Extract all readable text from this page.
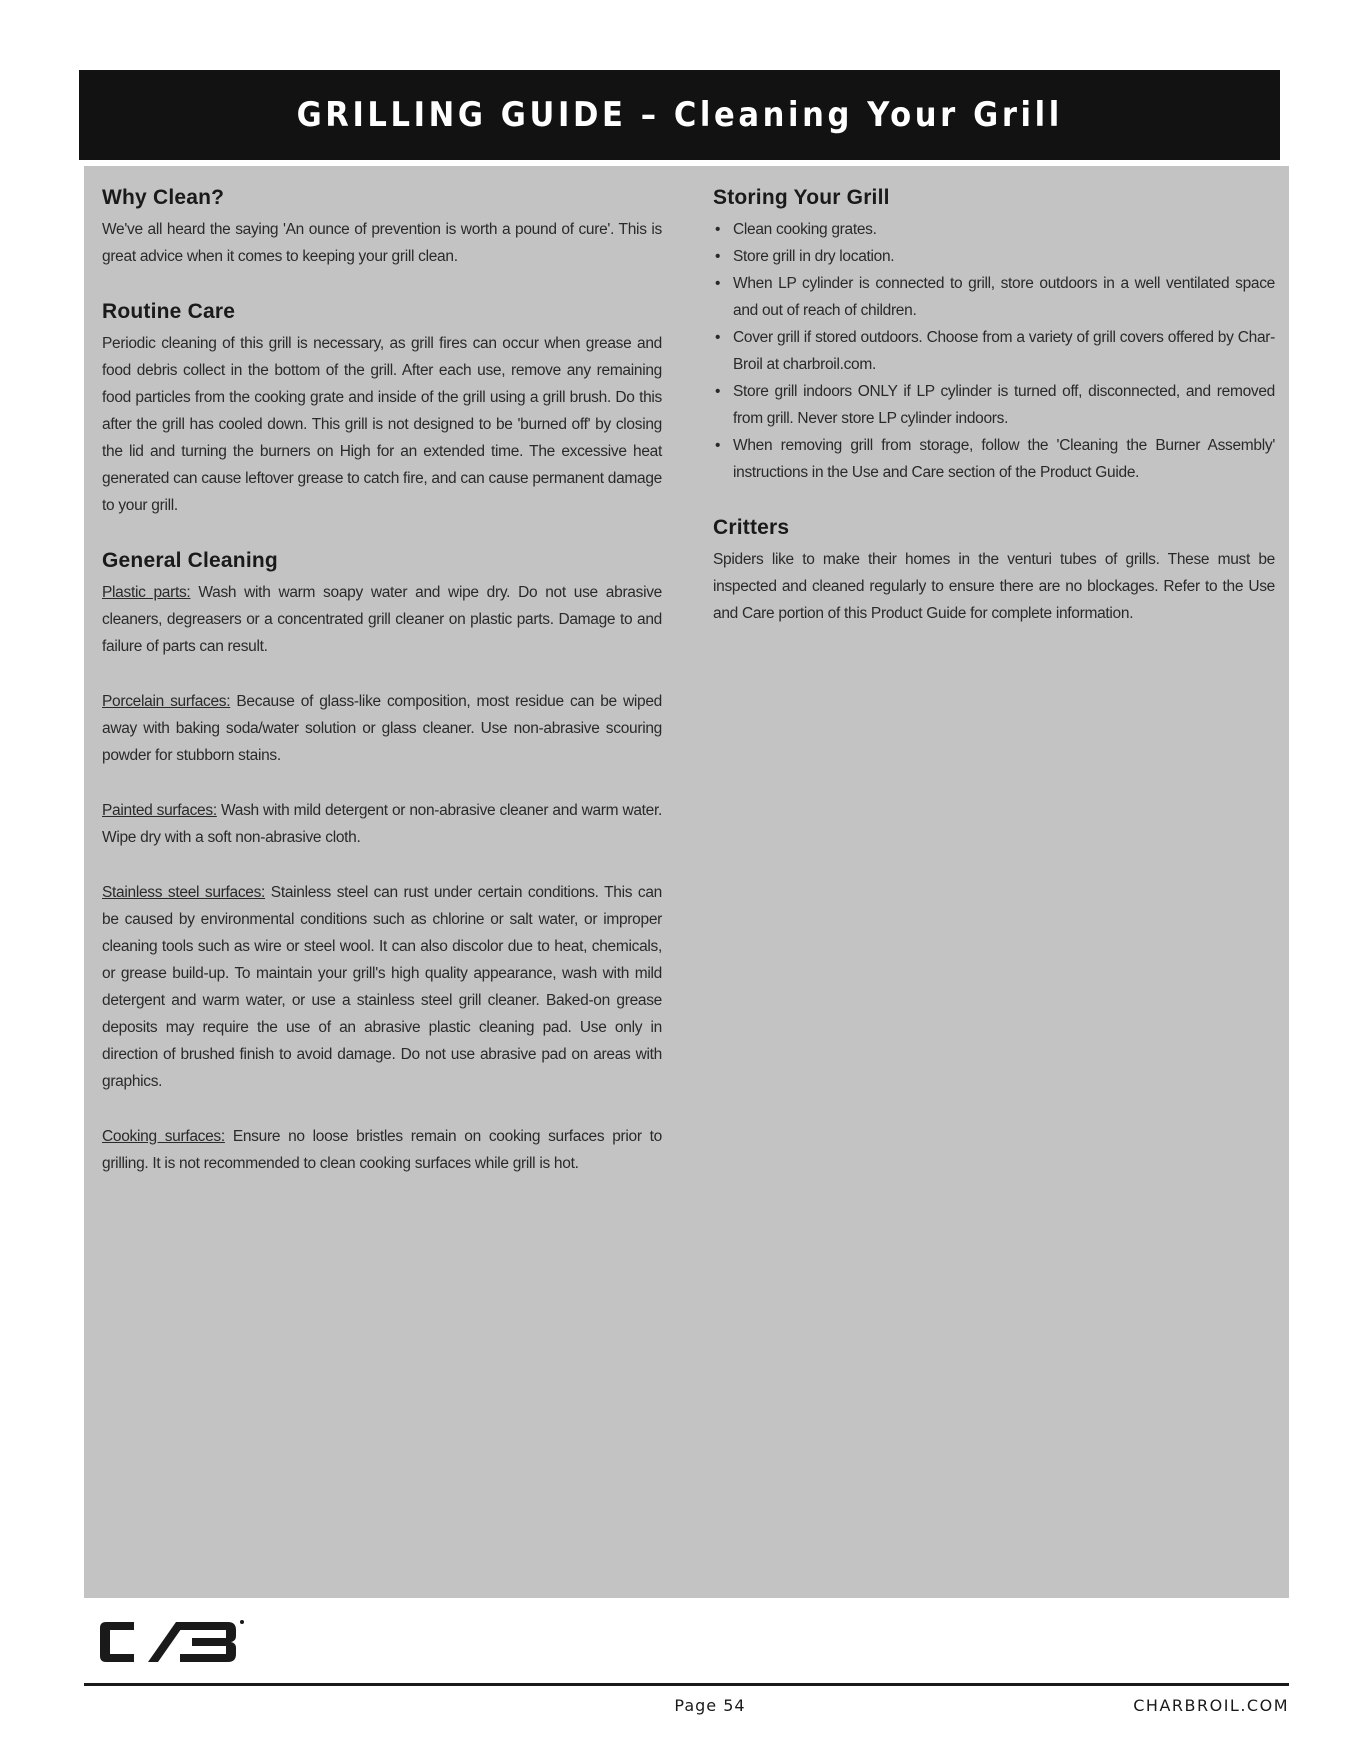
GRILLING GUIDE – Cleaning Your Grill
Why Clean?

We've all heard the saying 'An ounce of prevention is worth a pound of cure'. This is great advice when it comes to keeping your grill clean.

Routine Care

Periodic cleaning of this grill is necessary, as grill fires can occur when grease and food debris collect in the bottom of the grill. After each use, remove any remaining food particles from the cooking grate and inside of the grill using a grill brush. Do this after the grill has cooled down. This grill is not designed to be 'burned off' by closing the lid and turning the burners on High for an extended time. The excessive heat generated can cause leftover grease to catch fire, and can cause permanent damage to your grill.

General Cleaning

Plastic parts: Wash with warm soapy water and wipe dry. Do not use abrasive cleaners, degreasers or a concentrated grill cleaner on plastic parts. Damage to and failure of parts can result.

Porcelain surfaces: Because of glass-like composition, most residue can be wiped away with baking soda/water solution or glass cleaner. Use non-abrasive scouring powder for stubborn stains.

Painted surfaces: Wash with mild detergent or non-abrasive cleaner and warm water. Wipe dry with a soft non-abrasive cloth.

Stainless steel surfaces: Stainless steel can rust under certain conditions. This can be caused by environmental conditions such as chlorine or salt water, or improper cleaning tools such as wire or steel wool. It can also discolor due to heat, chemicals, or grease build-up. To maintain your grill's high quality appearance, wash with mild detergent and warm water, or use a stainless steel grill cleaner. Baked-on grease deposits may require the use of an abrasive plastic cleaning pad. Use only in direction of brushed finish to avoid damage. Do not use abrasive pad on areas with graphics.

Cooking surfaces: Ensure no loose bristles remain on cooking surfaces prior to grilling. It is not recommended to clean cooking surfaces while grill is hot.

Storing Your Grill
• Clean cooking grates.
• Store grill in dry location.
• When LP cylinder is connected to grill, store outdoors in a well ventilated space and out of reach of children.
• Cover grill if stored outdoors. Choose from a variety of grill covers offered by Char-Broil at charbroil.com.
• Store grill indoors ONLY if LP cylinder is turned off, disconnected, and removed from grill. Never store LP cylinder indoors.
• When removing grill from storage, follow the 'Cleaning the Burner Assembly' instructions in the Use and Care section of the Product Guide.
Critters

Spiders like to make their homes in the venturi tubes of grills. These must be inspected and cleaned regularly to ensure there are no blockages. Refer to the Use and Care portion of this Product Guide for complete information.

Page 54	CHARBROIL.COM
